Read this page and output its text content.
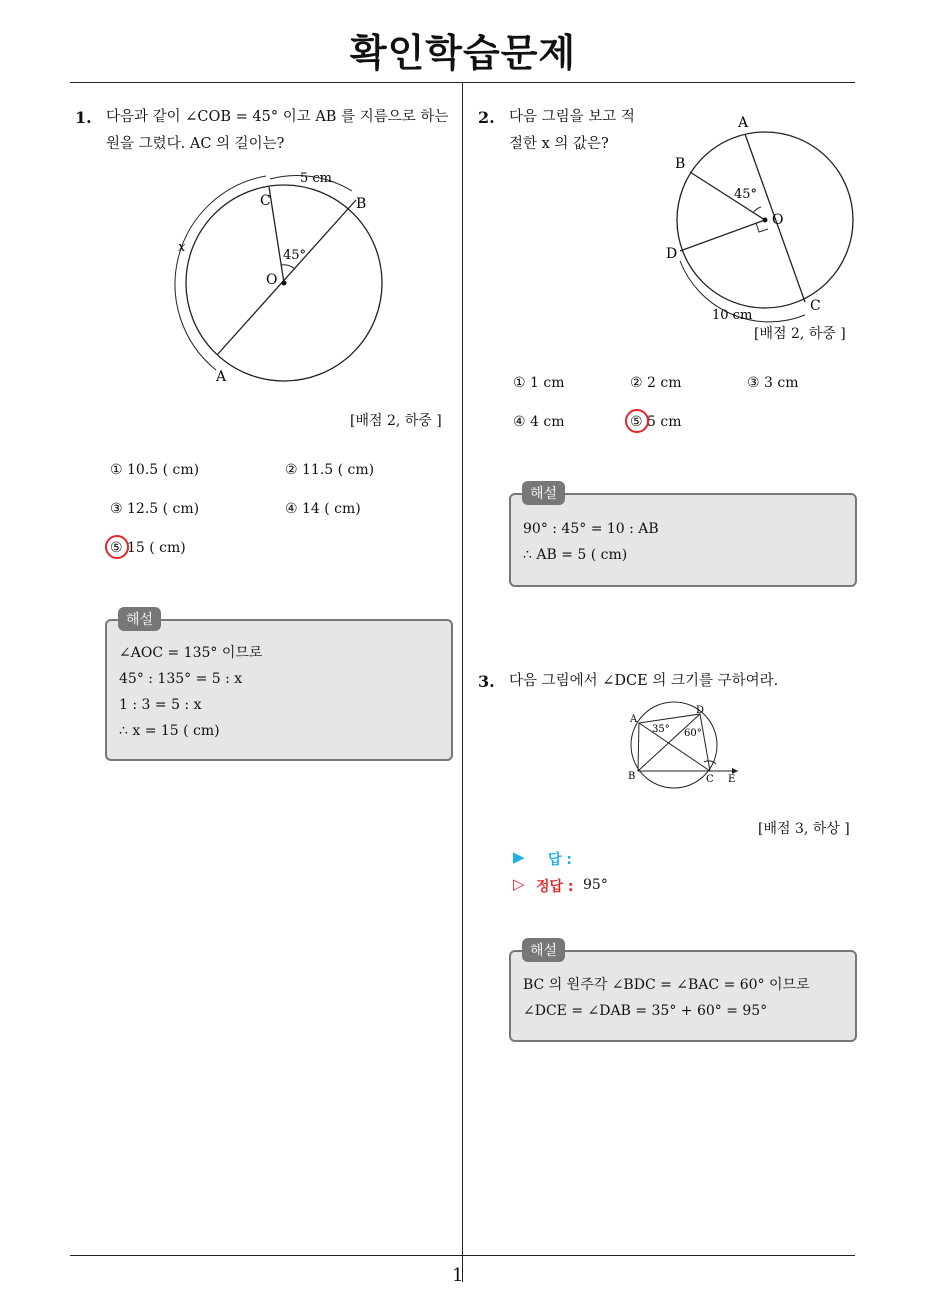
확인학습문제
1
1. 다음과 같이 ∠COB = 45° 이고 AB 를 지름으로 하는
원을 그렸다. AC 의 길이는?
5 cm
C	B
A
O
x
45°
[배점 2, 하중 ]
① 10.5 ( cm)	② 11.5 ( cm)
③ 12.5 ( cm)	④ 14 ( cm)
⑤ 15 ( cm)
∠AOC = 135° 이므로
45° : 135° = 5 : x
1 : 3 = 5 : x
∴ x = 15 ( cm)
해설
2. 다음 그림을 보고 적
절한 x 의 값은?
A
B
O
D
C
45°
10 cm
[배점 2, 하중 ]
① 1 cm	② 2 cm	③ 3 cm
④ 4 cm	⑤ 5 cm
90° : 45° = 10 : AB
∴ AB = 5 ( cm)
해설
3. 다음 그림에서 ∠DCE 의 크기를 구하여라.
A
D
B	C E
35° 60°
[배점 3, 하상 ]
▶ 답 :
▷ 정답 : 95°
BC 의 원주각 ∠BDC = ∠BAC = 60° 이므로
∠DCE = ∠DAB = 35° + 60° = 95°
해설
